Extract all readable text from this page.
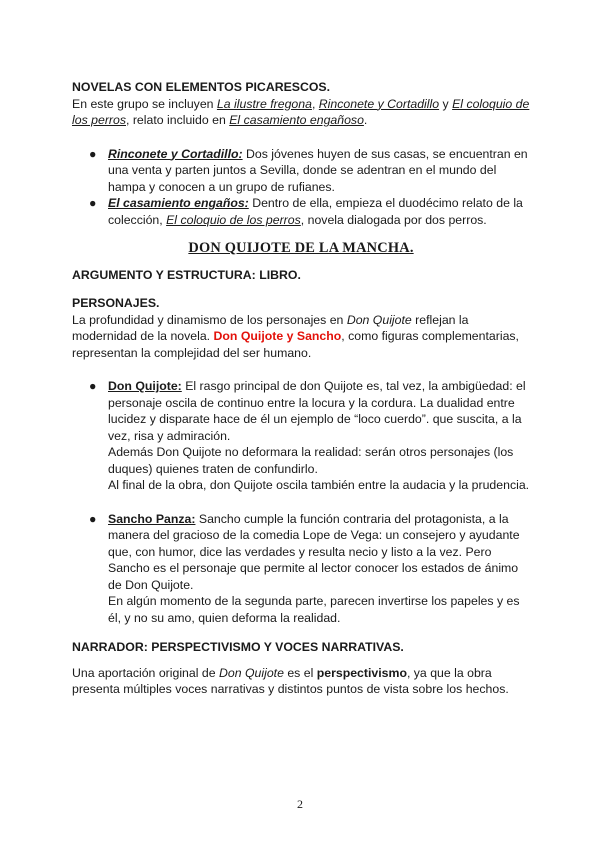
NOVELAS CON ELEMENTOS PICARESCOS.

En este grupo se incluyen La ilustre fregona, Rinconete y Cortadillo y El coloquio de los perros, relato incluido en El casamiento engañoso.

● Rinconete y Cortadillo: Dos jóvenes huyen de sus casas, se encuentran en una venta y parten juntos a Sevilla, donde se adentran en el mundo del hampa y conocen a un grupo de rufianes.
● El casamiento engaños: Dentro de ella, empieza el duodécimo relato de la colección, El coloquio de los perros, novela dialogada por dos perros.
DON QUIJOTE DE LA MANCHA.
ARGUMENTO Y ESTRUCTURA: LIBRO.
PERSONAJES.

La profundidad y dinamismo de los personajes en Don Quijote reflejan la modernidad de la novela. Don Quijote y Sancho, como figuras complementarias, representan la complejidad del ser humano.

● Don Quijote: El rasgo principal de don Quijote es, tal vez, la ambigüedad: el personaje oscila de continuo entre la locura y la cordura. La dualidad entre lucidez y disparate hace de él un ejemplo de “loco cuerdo”. que suscita, a la vez, risa y admiración.
Además Don Quijote no deformara la realidad: serán otros personajes (los duques) quienes traten de confundirlo.
Al final de la obra, don Quijote oscila también entre la audacia y la prudencia.
● Sancho Panza: Sancho cumple la función contraria del protagonista, a la manera del gracioso de la comedia Lope de Vega: un consejero y ayudante que, con humor, dice las verdades y resulta necio y listo a la vez. Pero Sancho es el personaje que permite al lector conocer los estados de ánimo de Don Quijote.
En algún momento de la segunda parte, parecen invertirse los papeles y es él, y no su amo, quien deforma la realidad.
NARRADOR: PERSPECTIVISMO Y VOCES NARRATIVAS.

Una aportación original de Don Quijote es el perspectivismo, ya que la obra presenta múltiples voces narrativas y distintos puntos de vista sobre los hechos.

2
